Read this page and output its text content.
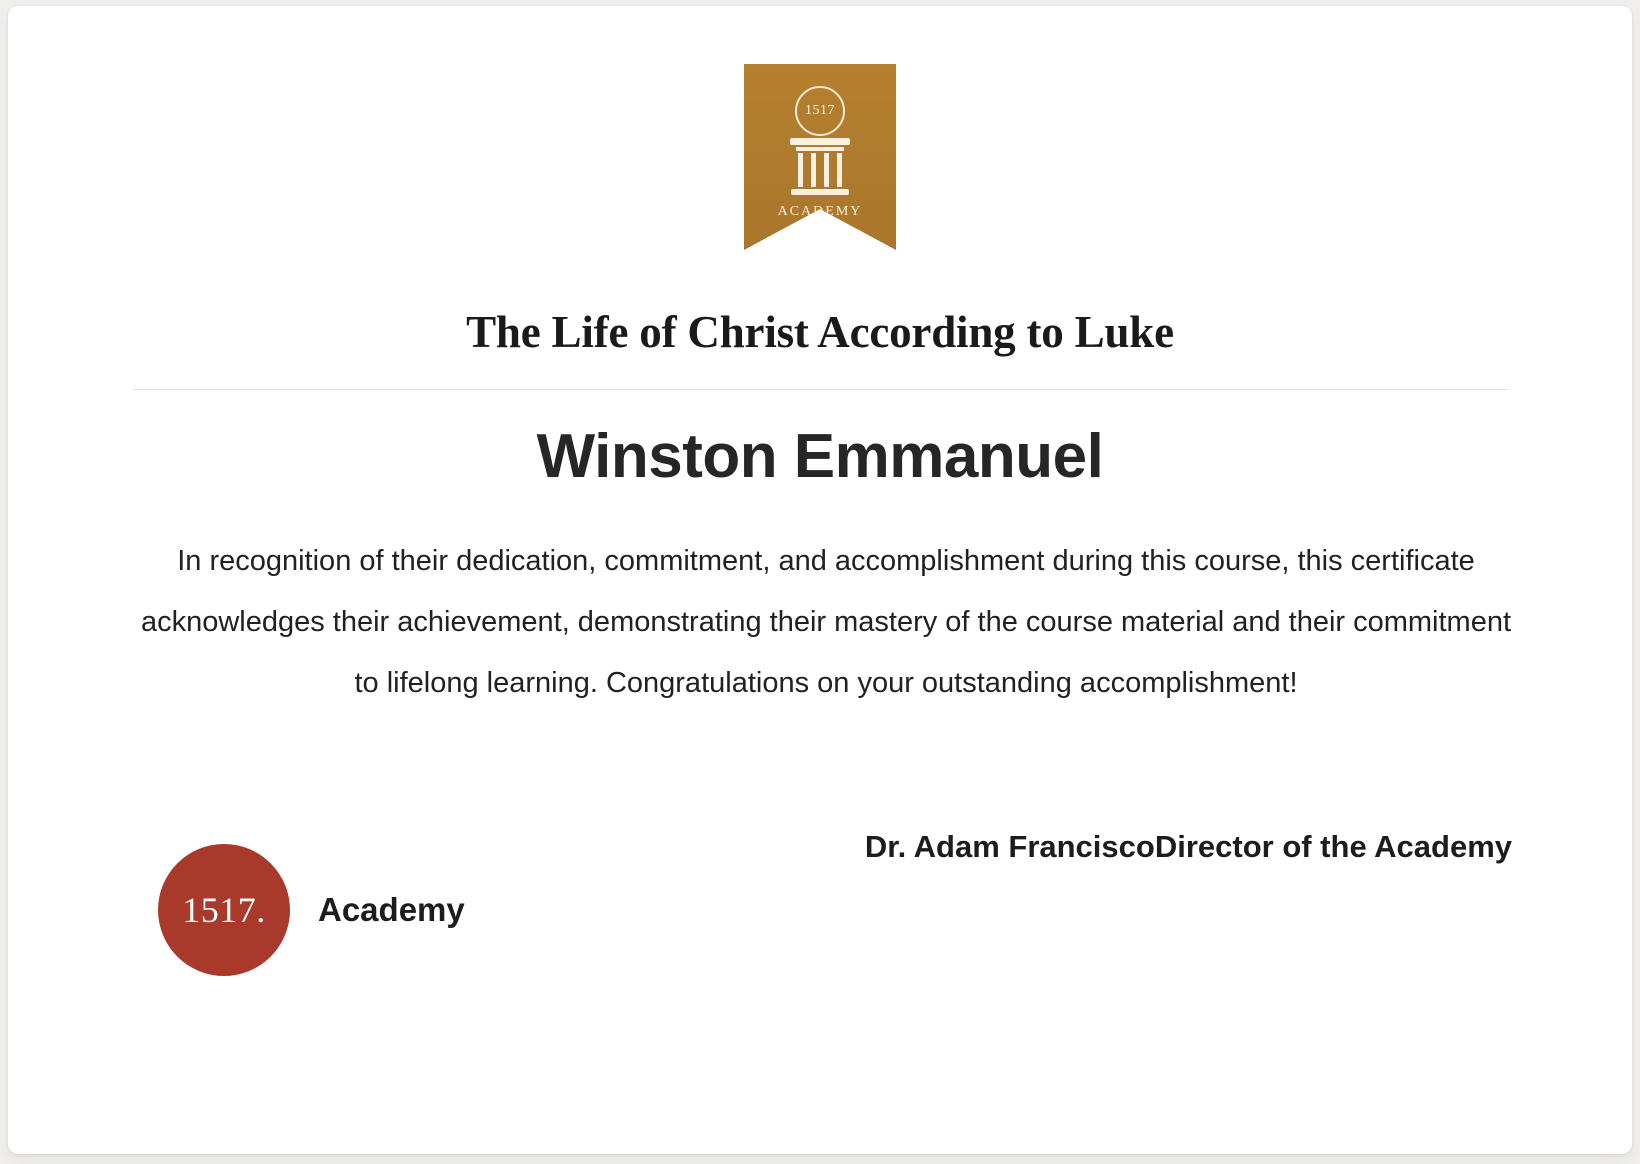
1517
ACADEMY
The Life of Christ According to Luke
Winston Emmanuel
In recognition of their dedication, commitment, and accomplishment during this course, this certificate acknowledges their achievement, demonstrating their mastery of the course material and their commitment to lifelong learning. Congratulations on your outstanding accomplishment!
1517. Academy
Dr. Adam FranciscoDirector of the Academy
